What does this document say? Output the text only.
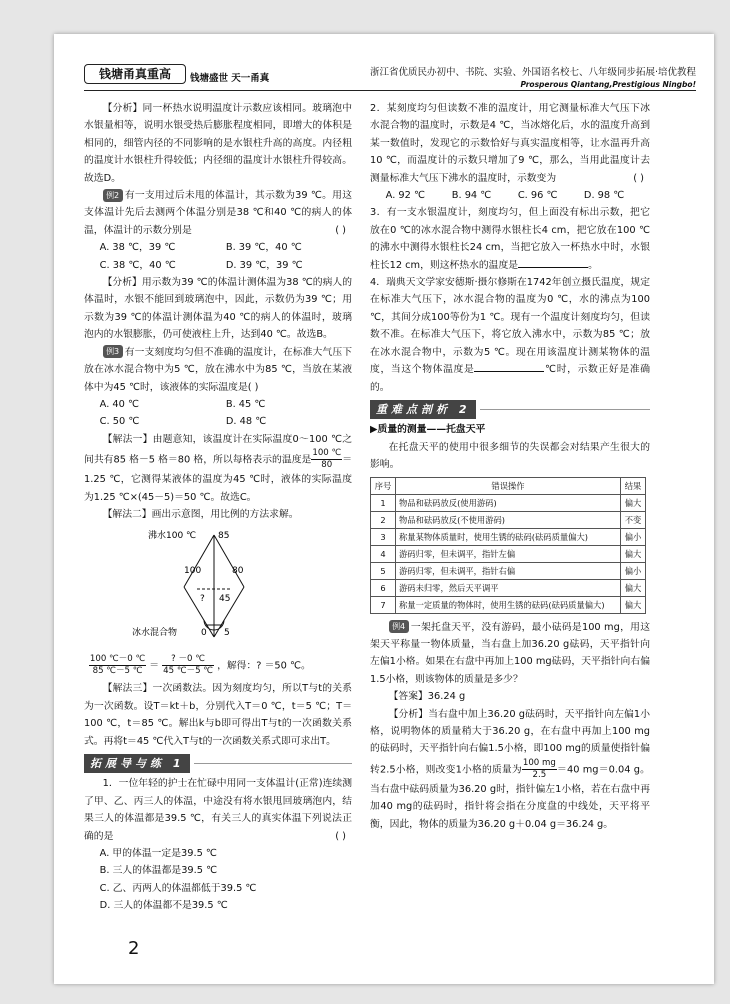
钱塘甬真重高	钱塘盛世 天一甬真
浙江省优质民办初中、书院、实验、外国语名校七、八年级同步拓展·培优教程
Prosperous Qiantang,Prestigious Ningbo!

【分析】同一杯热水说明温度计示数应该相同。玻璃泡中水银量相等，说明水银受热后膨胀程度相同，即增大的体积是相同的，细管内径的不同影响的是水银柱升高的高度。内径粗的温度计水银柱升得较低；内径细的温度计水银柱升得较高。故选D。

例2 有一支用过后未甩的体温计，其示数为39 ℃。用这支体温计先后去测两个体温分别是38 ℃和40 ℃的病人的体温，体温计的示数分别是	( )

A. 38 ℃，39 ℃	B. 39 ℃，40 ℃
C. 38 ℃，40 ℃	D. 39 ℃，39 ℃

【分析】用示数为39 ℃的体温计测体温为38 ℃的病人的体温时，水银不能回到玻璃泡中，因此，示数仍为39 ℃；用示数为39 ℃的体温计测体温为40 ℃的病人的体温时，玻璃泡内的水银膨胀，仍可使液柱上升，达到40 ℃。故选B。

例3 有一支刻度均匀但不准确的温度计，在标准大气压下放在冰水混合物中为5 ℃，放在沸水中为85 ℃，当放在某液体中为45 ℃时，该液体的实际温度是( )

A. 40 ℃	B. 45 ℃
C. 50 ℃	D. 48 ℃

【解法一】由题意知，该温度计在实际温度0～100 ℃之间共有85 格－5 格＝80 格，所以每格表示的温度是 $\frac{100 ℃}{80} =1.25$ ℃，它测得某液体的温度为45 ℃时，液体的实际温度为1.25 ℃×(45－5)＝50 ℃。故选C。

【解法二】画出示意图，用比例的方法求解。

沸水100 ℃ 85
100	80
? 45
冰水混合物	0 5
$\frac{100 ℃-0 ℃}{85 ℃-5 ℃} = \frac{? -0 ℃}{45 ℃-5 ℃}$ ，解得：? ＝50 ℃。

【解法三】一次函数法。因为刻度均匀，所以T与t的关系为一次函数。设T＝kt＋b，分别代入T＝0 ℃，t＝5 ℃；T＝100 ℃，t＝85 ℃。解出k与b即可得出T与t的一次函数关系式。再将t＝45 ℃代入T与t的一次函数关系式即可求出T。

拓展导与练 1

1．一位年轻的护士在忙碌中用同一支体温计(正常)连续测了甲、乙、丙三人的体温，中途没有将水银甩回玻璃泡内，结果三人的体温都是39.5 ℃，有关三人的真实体温下列说法正确的是	( )

A. 甲的体温一定是39.5 ℃

B. 三人的体温都是39.5 ℃

C. 乙、丙两人的体温都低于39.5 ℃

D. 三人的体温都不是39.5 ℃

2．某刻度均匀但读数不准的温度计，用它测量标准大气压下冰水混合物的温度时，示数是4 ℃，当冰熔化后，水的温度升高到某一数值时，发现它的示数恰好与真实温度相等，让水温再升高10 ℃，而温度计的示数只增加了9 ℃，那么，当用此温度计去测量标准大气压下沸水的温度时，示数变为	( )

A. 92 ℃	B. 94 ℃	C. 96 ℃	D. 98 ℃

3．有一支水银温度计，刻度均匀，但上面没有标出示数，把它放在0 ℃的冰水混合物中测得水银柱长4 cm，把它放在100 ℃的沸水中测得水银柱长24 cm，当把它放入一杯热水中时，水银柱长12 cm，则这杯热水的温度是	。

4．瑞典天文学家安德斯·摄尔修斯在1742年创立摄氏温度，规定在标准大气压下，冰水混合物的温度为0 ℃，水的沸点为100 ℃，其间分成100等份为1 ℃。现有一个温度计刻度均匀，但读数不准。在标准大气压下，将它放入沸水中，示数为85 ℃；放在冰水混合物中，示数为5 ℃。现在用该温度计测某物体的温度，当这个物体温度是	℃时，示数正好是准确的。

重难点剖析 2

▶质量的测量——托盘天平

在托盘天平的使用中很多细节的失误都会对结果产生很大的影响。

序号	错误操作	结果
1	物品和砝码放反(使用游码)	偏大
2	物品和砝码放反(不使用游码)	不变
3	称量某物体质量时，使用生锈的砝码(砝码质量偏大)	偏小
4	游码归零，但未调平，指针左偏	偏大
5	游码归零，但未调平，指针右偏	偏小
6	游码未归零，然后天平调平	偏大
7	称量一定质量的物体时，使用生锈的砝码(砝码质量偏大)	偏大

例4 一架托盘天平，没有游码，最小砝码是100 mg，用这架天平称量一物体质量，当右盘上加36.20 g砝码，天平指针向左偏1小格。如果在右盘中再加上100 mg砝码，天平指针向右偏1.5小格，则该物体的质量是多少？

【答案】36.24 g

【分析】当右盘中加上36.20 g砝码时，天平指针向左偏1小格，说明物体的质量稍大于36.20 g，在右盘中再加上100 mg的砝码时，天平指针向右偏1.5小格，即100 mg的质量使指针偏转2.5小格，则改变1小格的质量为 $\frac{100 mg}{2.5} =40$ mg＝0.04 g。当右盘中砝码质量为36.20 g时，指针偏左1小格，若在右盘中再加40 mg的砝码时，指针将会指在分度盘的中线处，天平将平衡，因此，物体的质量为36.20 g＋0.04 g＝36.24 g。

2
